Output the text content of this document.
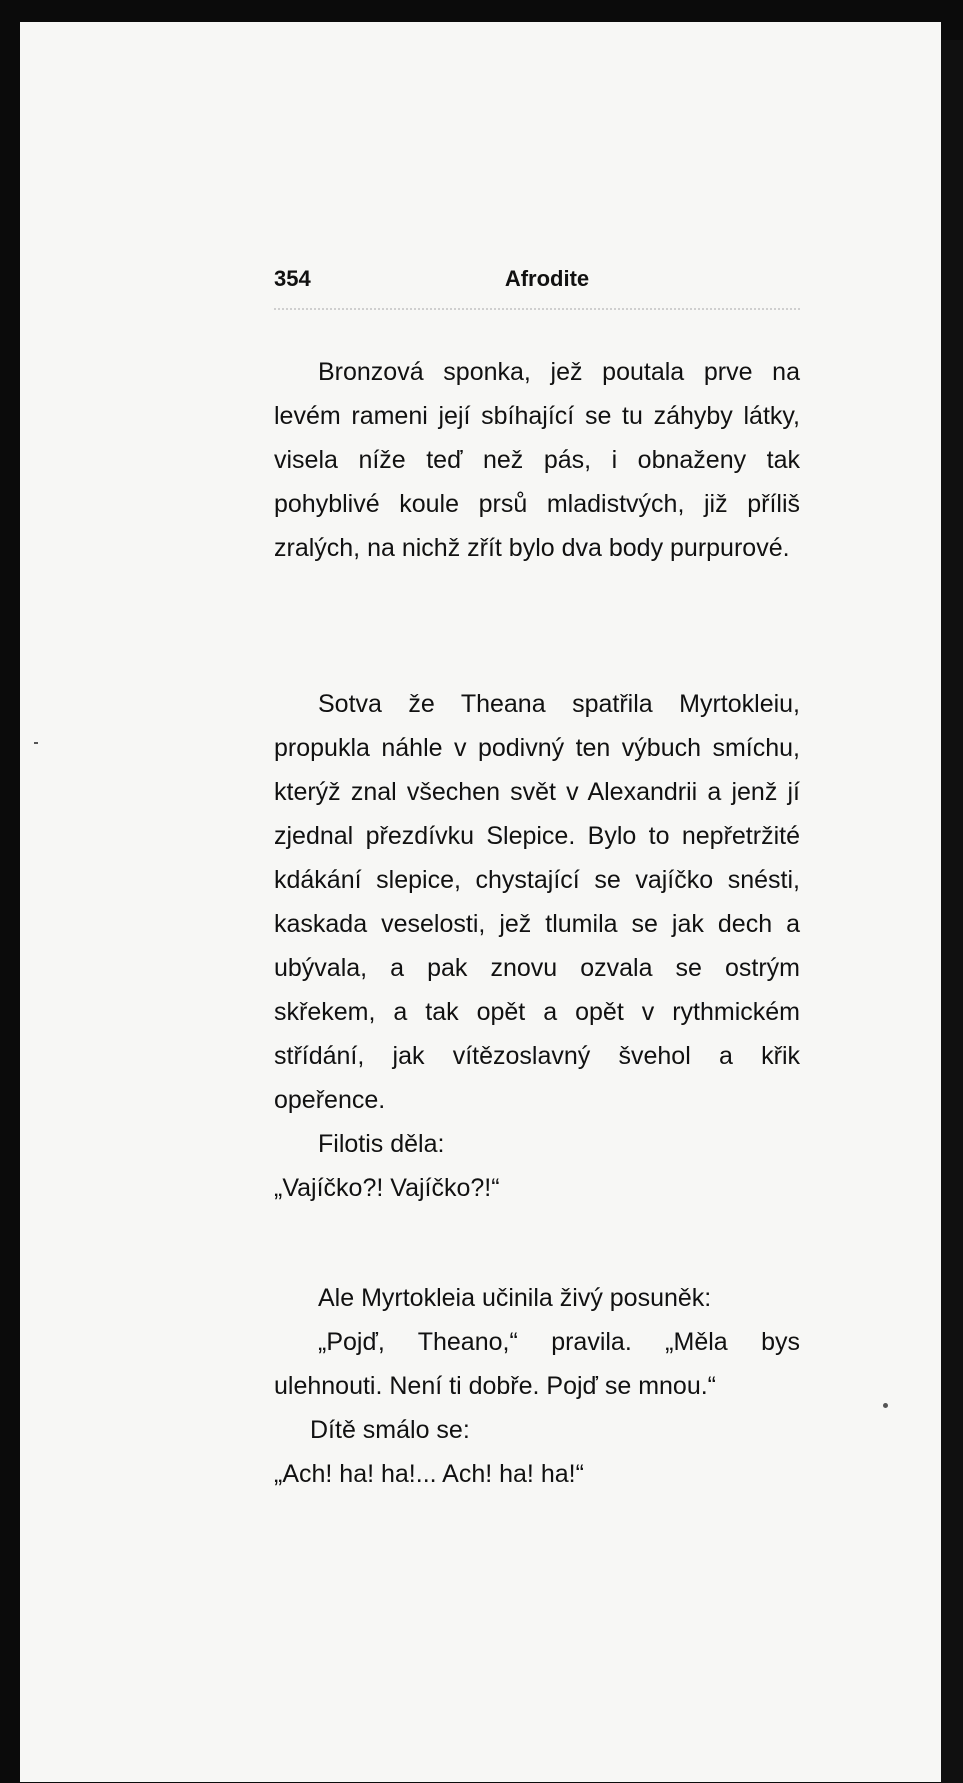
354	Afrodite

Bronzová sponka, jež poutala prve na levém rameni její sbíhající se tu záhyby látky, visela níže teď než pás, i obnaženy tak pohyblivé koule prsů mladistvých, již příliš zralých, na nichž zřít bylo dva body purpurové.

Sotva že Theana spatřila Myrtokleiu, propukla náhle v podivný ten výbuch smíchu, kterýž znal všechen svět v Alexandrii a jenž jí zjednal přezdívku Slepice. Bylo to nepřetržité kdákání slepice, chystající se vajíčko snésti, kaskada veselosti, jež tlumila se jak dech a ubývala, a pak znovu ozvala se ostrým skřekem, a tak opět a opět v rythmickém střídání, jak vítězoslavný švehol a křik opeřence.

Filotis děla:

„Vajíčko?! Vajíčko?!“

Ale Myrtokleia učinila živý posuněk:

„Pojď, Theano,“ pravila. „Měla bys ulehnouti. Není ti dobře. Pojď se mnou.“

Dítě smálo se:

„Ach! ha! ha!... Ach! ha! ha!“
